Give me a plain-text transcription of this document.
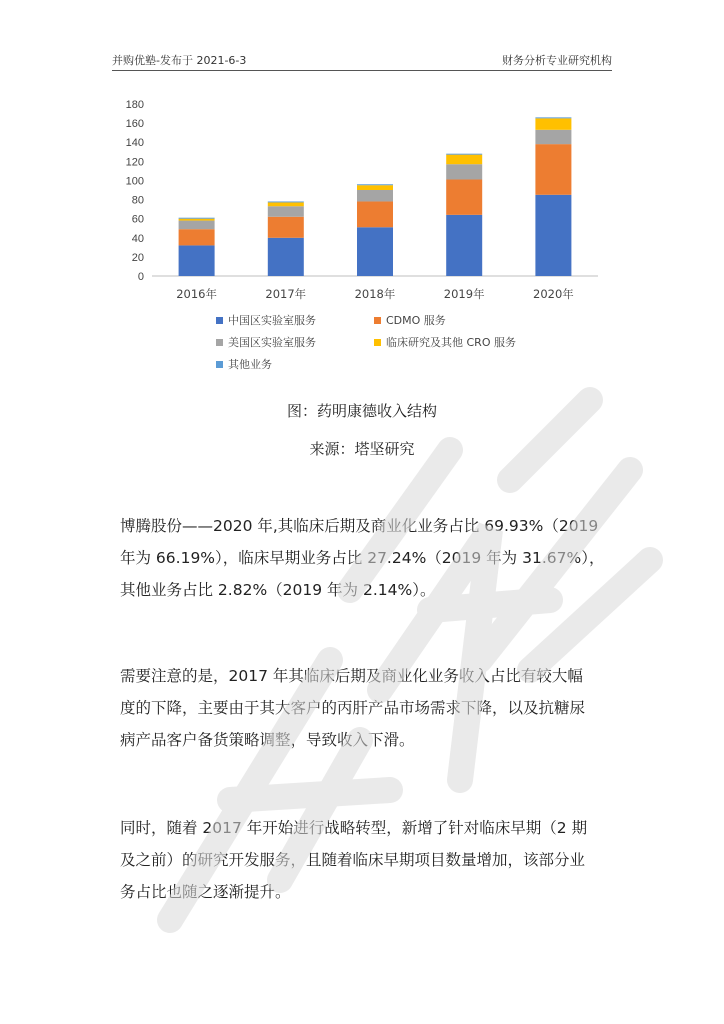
并购优塾-发布于 2021-6-3	财务分析专业研究机构
0
20
40
60
80
100
120
140
160
180
2016年	2017年	2018年	2019年	2020年
中国区实验室服务	CDMO 服务
美国区实验室服务	临床研究及其他 CRO 服务
其他业务
图：药明康德收入结构
来源：塔坚研究
博腾股份——2020 年,其临床后期及商业化业务占比 69.93%（2019
年为 66.19%），临床早期业务占比 27.24%（2019 年为 31.67%），
其他业务占比 2.82%（2019 年为 2.14%）。
需要注意的是，2017 年其临床后期及商业化业务收入占比有较大幅
度的下降，主要由于其大客户的丙肝产品市场需求下降，以及抗糖尿
病产品客户备货策略调整，导致收入下滑。
同时，随着 2017 年开始进行战略转型，新增了针对临床早期（2 期
及之前）的研究开发服务，且随着临床早期项目数量增加，该部分业
务占比也随之逐渐提升。
